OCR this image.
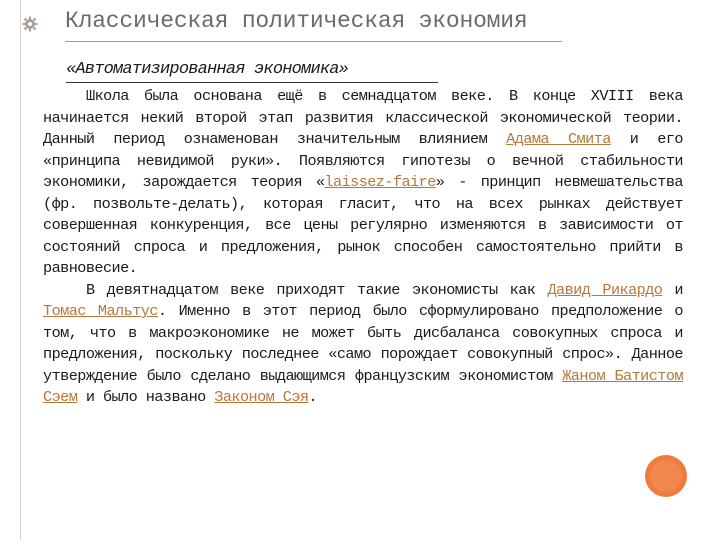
Классическая политическая экономия

«Автоматизированная экономика»

Школа была основана ещё в семнадцатом веке. В конце XVIII века начинается некий второй этап развития классической экономической теории. Данный период ознаменован значительным влиянием Адама Смита и его «принципа невидимой руки». Появляются гипотезы о вечной стабильности экономики, зарождается теория «laissez-faire» - принцип невмешательства (фр. позвольте-делать), которая гласит, что на всех рынках действует совершенная конкуренция, все цены регулярно изменяются в зависимости от состояний спроса и предложения, рынок способен самостоятельно прийти в равновесие.

В девятнадцатом веке приходят такие экономисты как Давид Рикардо и Томас Мальтус. Именно в этот период было сформулировано предположение о том, что в макроэкономике не может быть дисбаланса совокупных спроса и предложения, поскольку последнее «само порождает совокупный спрос». Данное утверждение было сделано выдающимся французским экономистом Жаном Батистом Сэем и было названо Законом Сэя.
